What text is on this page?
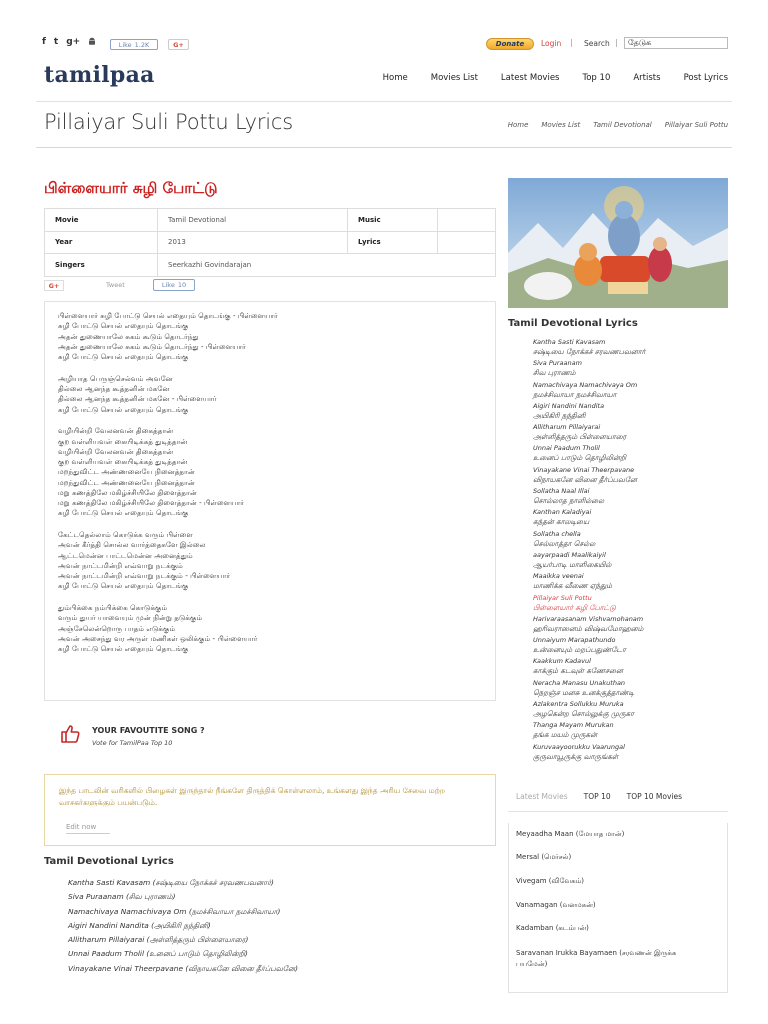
f t g+	Like 1.2K	G+	Donate	Login | Search |
தேடுக
tamilpaa	Home	Movies List	Latest Movies	Top 10	Artists	Post Lyrics
Pillaiyar Suli Pottu Lyrics	Home Movies List Tamil Devotional Pillaiyar Suli Pottu
பிள்ளையார் சுழி போட்டு
Movie	Tamil Devotional	Music	
Year	2013	Lyrics	
Singers	Seerkazhi Govindarajan		
G+	Tweet	Like 10
பிள்ளையார் சுழி போட்டு செயல் எதையும் தொடங்கு - பிள்ளையார்
சுழி போட்டு செயல் எதையும் தொடங்கு
அதன் துணையாலே சுகம் கூடும் தொடர்ந்து
அதன் துணையாலே சுகம் கூடும் தொடர்ந்து - பிள்ளையார்
சுழி போட்டு செயல் எதையும் தொடங்கு
அழியாத பெருஞ்செல்வம் அவனே
தில்லை ஆனந்த கூத்தனின் மகனே
தில்லை ஆனந்த கூத்தனின் மகனே - பிள்ளையார்
சுழி போட்டு செயல் எதையும் தொடங்கு
வழியின்றி வேலனவன் திகைத்தான்
குற வள்ளியவள் கையிடிக்கத் துடித்தான்
வழியின்றி வேலனவன் திகைத்தான்
குற வள்ளியவள் கையிடிக்கத் துடித்தான்
மறந்துவிட்ட அண்ணனையே நினைத்தான்
மறந்துவிட்ட அண்ணனையே நினைத்தான்
மறு கணத்திலே மகிழ்ச்சியிலே திளைத்தான்
மறு கணத்திலே மகிழ்ச்சியிலே திளைத்தான் - பிள்ளையார்
சுழி போட்டு செயல் எதையும் தொடங்கு
கேட்டதெல்லாம் கொடுக்க வரும் பிள்ளை
அவன் கீர்த்தி சொல்ல வார்த்தைகளே இல்லை
ஆட்டமென்ன பாட்டமென்ன அனைத்தும்
அவன் நாட்டமின்றி எவ்வாறு நடக்கும்
அவன் நாட்டமின்றி எவ்வாறு நடக்கும் - பிள்ளையார்
சுழி போட்டு செயல் எதையும் தொடங்கு
தும்பிக்கை நம்பிக்கை கொடுக்கும்
வரும் துயர் யாவையும் முன் நின்று தடுக்கும்
அஞ்சேலென்றொரு பாதம் எடுக்கும்
அவன் அசைந்து வர அருள் மணிகள் ஒலிக்கும் - பிள்ளையார்
சுழி போட்டு செயல் எதையும் தொடங்கு
YOUR FAVOUTITE SONG ?
Vote for TamilPaa Top 10
இந்த பாடலின் வரிகளில் பிழைகள் இருந்தால் நீங்களே திருத்திக் கொள்ளலாம், உங்களது இந்த அரிய சேவை மற்ற வாசகர்களுக்கும் பயன்படும்.
Edit now
Tamil Devotional Lyrics
Kantha Sasti Kavasam (சஷ்டியை நோக்கச் சரவணபவனார்)
Siva Puraanam (சிவ புராணம்)
Namachivaya Namachivaya Om (நமச்சிவாயா நமச்சிவாயா)
Aigiri Nandini Nandita (அயிகிரி நந்தினி)
Allitharum Pillaiyarai (அள்ளித்தரும் பிள்ளையாரை)
Unnai Paadum Tholil (உனைப் பாடும் தொழிலின்றி)
Vinayakane Vinai Theerpavane (விநாயகனே வினை தீர்ப்பவனே)
Tamil Devotional Lyrics
Kantha Sasti Kavasam
சஷ்டியை நோக்கச் சரவணபவனார்
Siva Puraanam
சிவ புராணம்
Namachivaya Namachivaya Om
நமச்சிவாயா நமச்சிவாயா
Aigiri Nandini Nandita
அயிகிரி நந்தினி
Allitharum Pillaiyarai
அள்ளித்தரும் பிள்ளையாரை
Unnai Paadum Tholil
உனைப் பாடும் தொழிலின்றி
Vinayakane Vinai Theerpavane
விநாயகனே வினை தீர்ப்பவனே
Sollatha Naal Illai
சொல்லாத நாளில்லை
Kanthan Kaladiyai
கந்தன் காலடியை
Sollatha chella
செல்லாத்தா செல்ல
aayarpaadi Maalikaiyil
ஆயர்பாடி மாளிகையில்
Maaikka veenai
மாணிக்க வீணை ஏந்தும்
Pillaiyar Suli Pottu
பிள்ளையார் சுழி போட்டு
Harivaraasanam Vishvamohanam
ஹரிவராஸனம் விஷ்வமோஹனம்
Unnaiyum Marapathundo
உன்னையும் மறப்பதுண்டோ
Kaakkum Kadavul
காக்கும் கடவுள் கணேசனை
Neracha Manasu Unakuthan
நெறஞ்ச மனசு உனக்குத்தாண்டி
Azlakentra Sollukku Muruka
அழகென்ற சொல்லுக்கு முருகா
Thanga Mayam Murukan
தங்க மயம் முருகன்
Kuruvaayoorukku Vaarungal
குருவாயூருக்கு வாருங்கள்
Latest Movies TOP 10 TOP 10 Movies
Meyaadha Maan (மேயாத மான்)
Mersal (மெர்சல்)
Vivegam (விவேகம்)
Vanamagan (வனமகன்)
Kadamban (கடம்பன்)
Saravanan Irukka Bayamaen (சரவணன் இருக்க பயமேன்)
